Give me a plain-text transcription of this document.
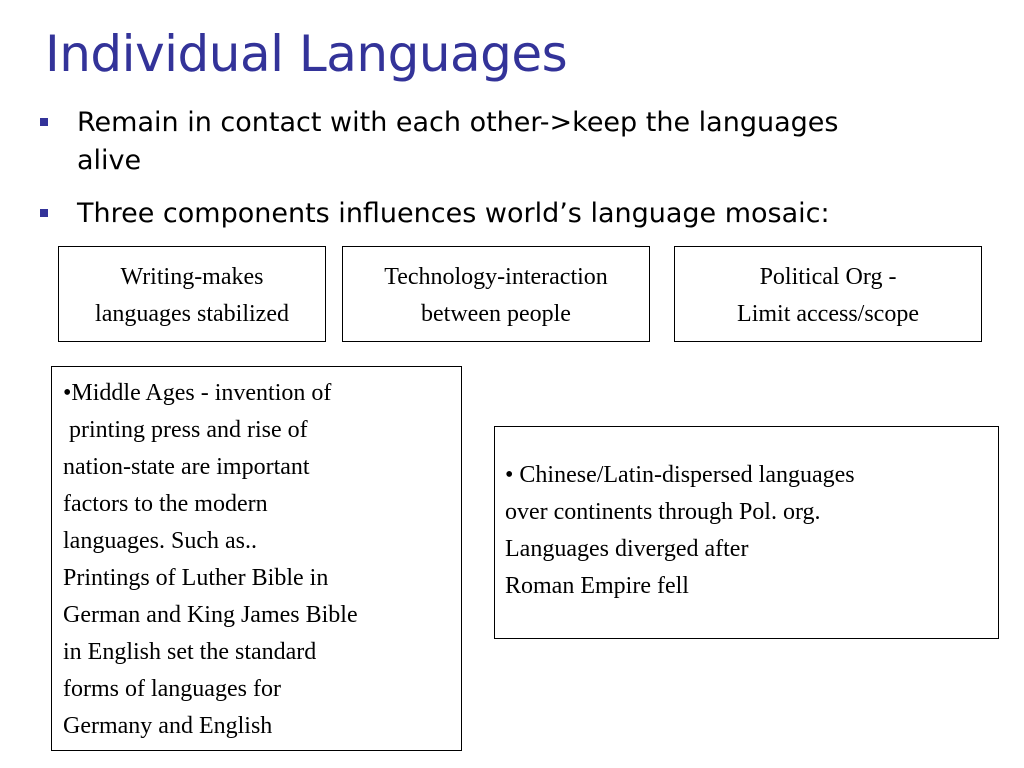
Individual Languages
Remain in contact with each other->keep the languages
alive
Three components influences world’s language mosaic:
Writing-makes
languages stabilized
Technology-interaction
between people
Political Org -
Limit access/scope
•Middle Ages - invention of
printing press and rise of
nation-state are important
factors to the modern
languages. Such as..
Printings of Luther Bible in
German and King James Bible
in English set the standard
forms of languages for
Germany and English
• Chinese/Latin-dispersed languages
over continents through Pol. org.
Languages diverged after
Roman Empire fell
